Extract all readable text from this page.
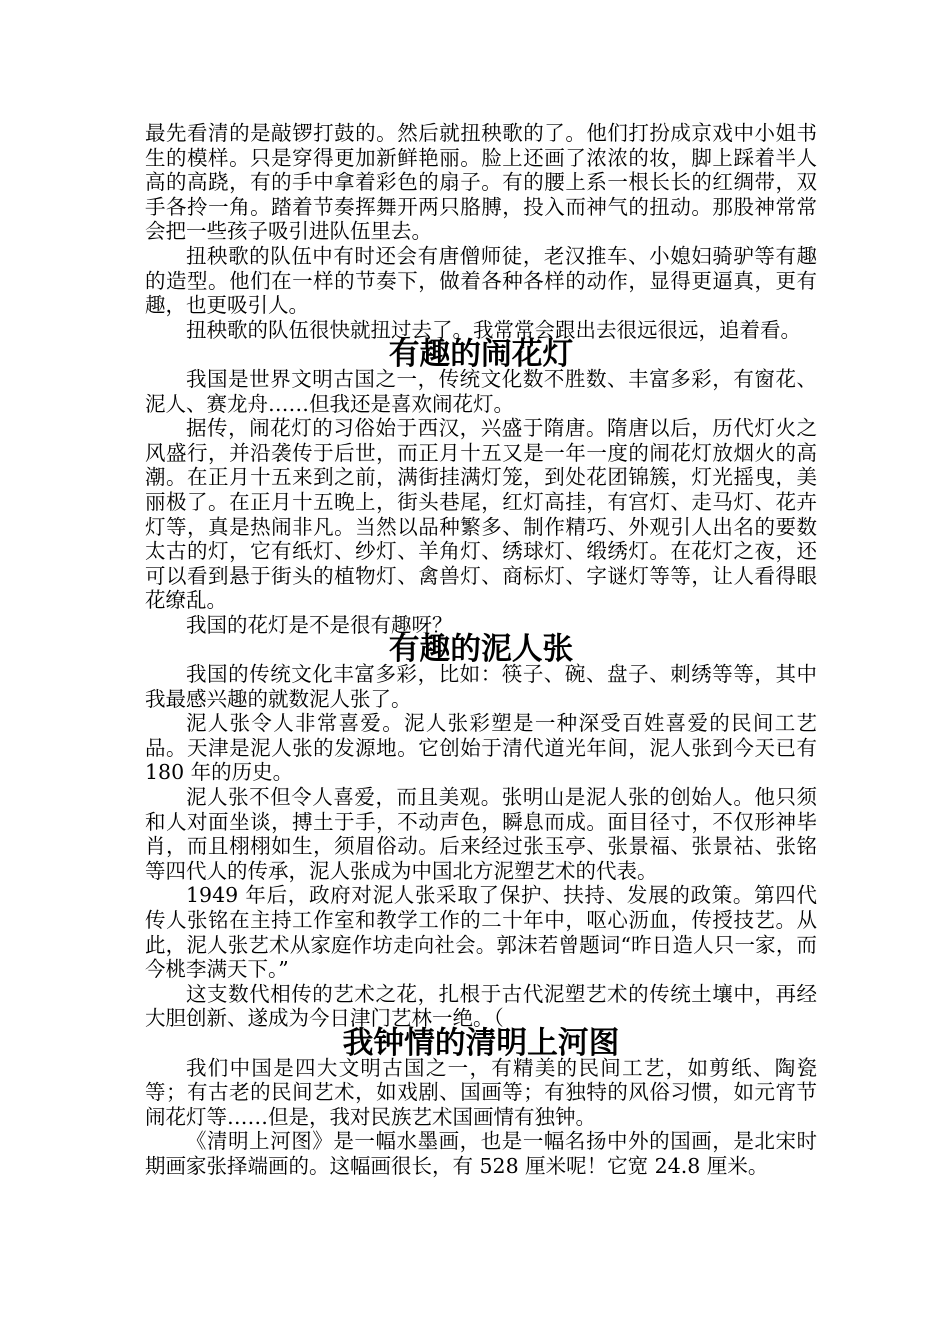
最先看清的是敲锣打鼓的。然后就扭秧歌的了。他们打扮成京戏中小姐书生的模样。只是穿得更加新鲜艳丽。脸上还画了浓浓的妆，脚上踩着半人高的高跷，有的手中拿着彩色的扇子。有的腰上系一根长长的红绸带，双手各拎一角。踏着节奏挥舞开两只胳膊，投入而神气的扭动。那股神常常会把一些孩子吸引进队伍里去。

扭秧歌的队伍中有时还会有唐僧师徒，老汉推车、小媳妇骑驴等有趣的造型。他们在一样的节奏下，做着各种各样的动作，显得更逼真，更有趣，也更吸引人。

扭秧歌的队伍很快就扭过去了。我常常会跟出去很远很远，追着看。

有趣的闹花灯

我国是世界文明古国之一，传统文化数不胜数、丰富多彩，有窗花、泥人、赛龙舟……但我还是喜欢闹花灯。

据传，闹花灯的习俗始于西汉，兴盛于隋唐。隋唐以后，历代灯火之风盛行，并沿袭传于后世，而正月十五又是一年一度的闹花灯放烟火的高潮。在正月十五来到之前，满街挂满灯笼，到处花团锦簇，灯光摇曳，美丽极了。在正月十五晚上，街头巷尾，红灯高挂，有宫灯、走马灯、花卉灯等，真是热闹非凡。当然以品种繁多、制作精巧、外观引人出名的要数太古的灯，它有纸灯、纱灯、羊角灯、绣球灯、缎绣灯。在花灯之夜，还可以看到悬于街头的植物灯、禽兽灯、商标灯、字谜灯等等，让人看得眼花缭乱。

我国的花灯是不是很有趣呀？

有趣的泥人张

我国的传统文化丰富多彩，比如：筷子、碗、盘子、刺绣等等，其中我最感兴趣的就数泥人张了。

泥人张令人非常喜爱。泥人张彩塑是一种深受百姓喜爱的民间工艺品。天津是泥人张的发源地。它创始于清代道光年间，泥人张到今天已有 180 年的历史。

泥人张不但令人喜爱，而且美观。张明山是泥人张的创始人。他只须和人对面坐谈，搏土于手，不动声色，瞬息而成。面目径寸，不仅形神毕肖，而且栩栩如生，须眉俗动。后来经过张玉亭、张景福、张景祜、张铭等四代人的传承，泥人张成为中国北方泥塑艺术的代表。

1949 年后，政府对泥人张采取了保护、扶持、发展的政策。第四代传人张铭在主持工作室和教学工作的二十年中，呕心沥血，传授技艺。从此，泥人张艺术从家庭作坊走向社会。郭沫若曾题词“昨日造人只一家，而今桃李满天下。”

这支数代相传的艺术之花，扎根于古代泥塑艺术的传统土壤中，再经大胆创新、遂成为今日津门艺林一绝。（

我钟情的清明上河图

我们中国是四大文明古国之一，有精美的民间工艺，如剪纸、陶瓷等；有古老的民间艺术，如戏剧、国画等；有独特的风俗习惯，如元宵节闹花灯等……但是，我对民族艺术国画情有独钟。

《清明上河图》是一幅水墨画，也是一幅名扬中外的国画，是北宋时期画家张择端画的。这幅画很长，有 528 厘米呢！它宽 24.8 厘米。
